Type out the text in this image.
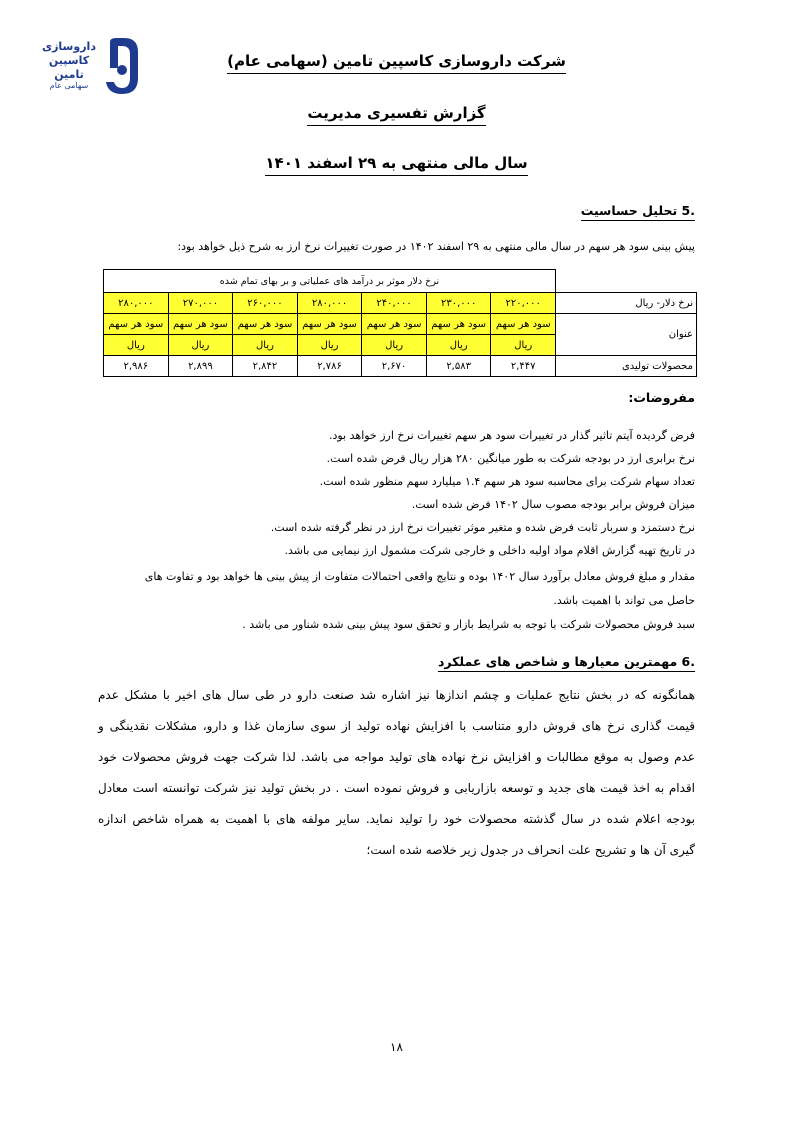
داروسازی
کاسپین تامین
سهامی عام
شرکت داروسازی کاسپین تامین (سهامی عام)
گزارش تفسیری مدیریت
سال مالی منتهی به ۲۹ اسفند ۱۴۰۱
.5 تحلیل حساسیت
پیش بینی سود هر سهم در سال مالی منتهی به ۲۹ اسفند ۱۴۰۲ در صورت تغییرات نرخ ارز به شرح ذیل خواهد بود:
	نرخ دلار موثر بر درآمد های عملیاتی و بر بهای تمام شده						
نرخ دلار- ریال	۲۲۰,۰۰۰	۲۳۰,۰۰۰	۲۴۰,۰۰۰	۲۸۰,۰۰۰	۲۶۰,۰۰۰	۲۷۰,۰۰۰	۲۸۰,۰۰۰
عنوان	سود هر سهم	سود هر سهم	سود هر سهم	سود هر سهم	سود هر سهم	سود هر سهم	سود هر سهم
	ریال	ریال	ریال	ریال	ریال	ریال	ریال
محصولات تولیدی	۲,۴۴۷	۲,۵۸۳	۲,۶۷۰	۲,۷۸۶	۲,۸۴۲	۲,۸۹۹	۲,۹۸۶
مفروضات:
فرض گردیده آیتم تاثیر گذار در تغییرات سود هر سهم تغییرات نرخ ارز خواهد بود.
نرخ برابری ارز در بودجه شرکت به طور میانگین ۲۸۰ هزار ریال فرض شده است.
تعداد سهام شرکت برای محاسبه سود هر سهم ۱.۴ میلیارد سهم منظور شده است.
میزان فروش برابر بودجه مصوب سال ۱۴۰۲ فرض شده است.
نرخ دستمزد و سربار ثابت فرض شده و متغیر موثر تغییرات نرخ ارز در نظر گرفته شده است.
در تاریخ تهیه گزارش اقلام مواد اولیه داخلی و خارجی شرکت مشمول ارز نیمایی می باشد.
مقدار و مبلغ فروش معادل برآورد سال ۱۴۰۲ بوده و نتایج واقعی احتمالات متفاوت از پیش بینی ها خواهد بود و تفاوت های
حاصل می تواند با اهمیت باشد.
سبد فروش محصولات شرکت با توجه به شرایط بازار و تحقق سود پیش بینی شده شناور می باشد .
.6 مهمترین معیارها و شاخص های عملکرد
همانگونه که در بخش نتایج عملیات و چشم اندازها نیز اشاره شد صنعت دارو در طی سال های اخیر با مشکل عدم
قیمت گذاری نرخ های فروش دارو متناسب با افزایش نهاده تولید از سوی سازمان غذا و دارو، مشکلات نقدینگی و
عدم وصول به موقع مطالبات و افزایش نرخ نهاده های تولید مواجه می باشد. لذا شرکت جهت فروش محصولات خود
اقدام به اخذ قیمت های جدید و توسعه بازاریابی و فروش نموده است . در بخش تولید نیز شرکت توانسته است معادل
بودجه اعلام شده در سال گذشته محصولات خود را تولید نماید. سایر مولفه های با اهمیت به همراه شاخص اندازه
گیری آن ها و تشریح علت انحراف در جدول زیر خلاصه شده است؛
۱۸
